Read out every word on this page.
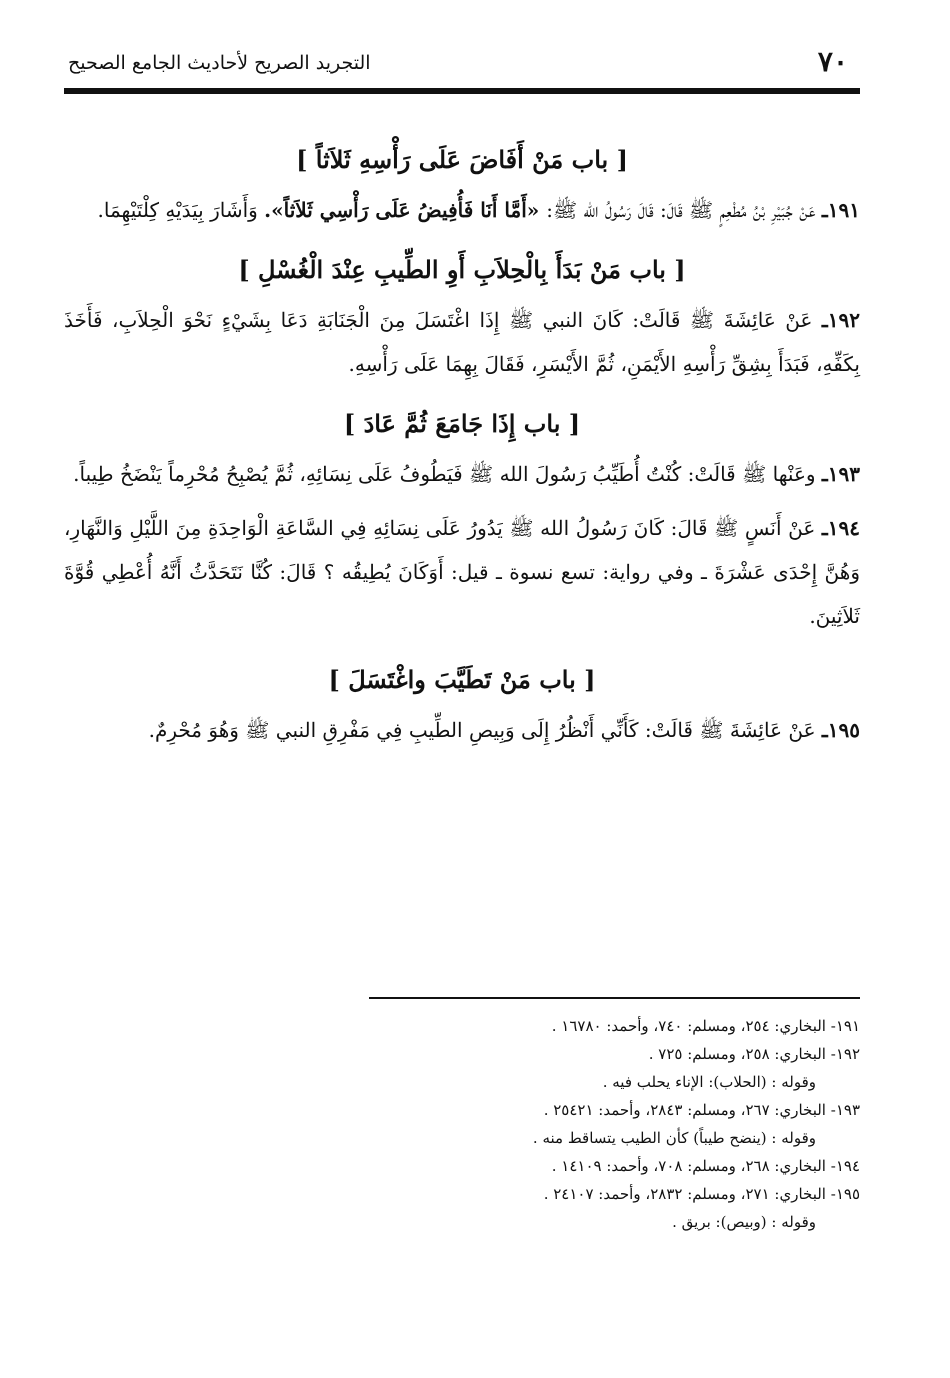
٧٠
التجريد الصريح لأحاديث الجامع الصحيح
[ باب مَنْ أَفَاضَ عَلَى رَأْسِهِ ثَلاَثاً ]

١٩١ـ عَنْ جُبَيْرِ بْنُ مُطْعِمٍ ﷺ قَالَ: قَالَ رَسُولُ الله ﷺ: «أَمَّا أَنَا فَأُفِيضُ عَلَى رَأْسِي ثَلاَثاً». وَأَشَارَ بِيَدَيْهِ كِلْتَيْهِمَا.

[ باب مَنْ بَدَأَ بِالْحِلاَبِ أَوِ الطِّيبِ عِنْدَ الْغُسْلِ ]

١٩٢ـ عَنْ عَائِشَةَ ﷺ قَالَتْ: كَانَ النبي ﷺ إِذَا اغْتَسَلَ مِنَ الْجَنَابَةِ دَعَا بِشَيْءٍ نَحْوَ الْحِلاَبِ، فَأَخَذَ بِكَفِّهِ، فَبَدَأَ بِشِقِّ رَأْسِهِ الأَيْمَنِ، ثُمَّ الأَيْسَرِ، فَقَالَ بِهِمَا عَلَى رَأْسِهِ.

[ باب إِذَا جَامَعَ ثُمَّ عَادَ ]

١٩٣ـ وعَنْها ﷺ قَالَتْ: كُنْتُ أُطَيِّبُ رَسُولَ الله ﷺ فَيَطُوفُ عَلَى نِسَائِهِ، ثُمَّ يُصْبِحُ مُحْرِماً يَنْضَخُ طِيباً.

١٩٤ـ عَنْ أَنَسٍ ﷺ قَالَ: كَانَ رَسُولُ الله ﷺ يَدُورُ عَلَى نِسَائِهِ فِي السَّاعَةِ الْوَاحِدَةِ مِنَ اللَّيْلِ وَالنَّهَارِ، وَهُنَّ إِحْدَى عَشْرَةَ ـ وفي رواية: تسع نسوة ـ قيل: أَوَكَانَ يُطِيقُه ؟ قَالَ: كُنَّا نَتَحَدَّثُ أَنَّهُ أُعْطِي قُوَّةَ ثَلاَثِينَ.

[ باب مَنْ تَطَيَّبَ واغْتَسَلَ ]

١٩٥ـ عَنْ عَائِشَةَ ﷺ قَالَتْ: كَأَنِّي أَنْظُرُ إِلَى وَبِيصِ الطِّيبِ فِي مَفْرِقِ النبي ﷺ وَهُوَ مُحْرِمٌ.

١٩١- البخاري: ٢٥٤، ومسلم: ٧٤٠، وأحمد: ١٦٧٨٠ .

١٩٢- البخاري: ٢٥٨، ومسلم: ٧٢٥ .

وقوله : (الحلاب): الإناء يحلب فيه .

١٩٣- البخاري: ٢٦٧، ومسلم: ٢٨٤٣، وأحمد: ٢٥٤٢١ .

وقوله : (ينضح طيباً) كأن الطيب يتساقط منه .

١٩٤- البخاري: ٢٦٨، ومسلم: ٧٠٨، وأحمد: ١٤١٠٩ .

١٩٥- البخاري: ٢٧١، ومسلم: ٢٨٣٢، وأحمد: ٢٤١٠٧ .

وقوله : (وبيص): بريق .
